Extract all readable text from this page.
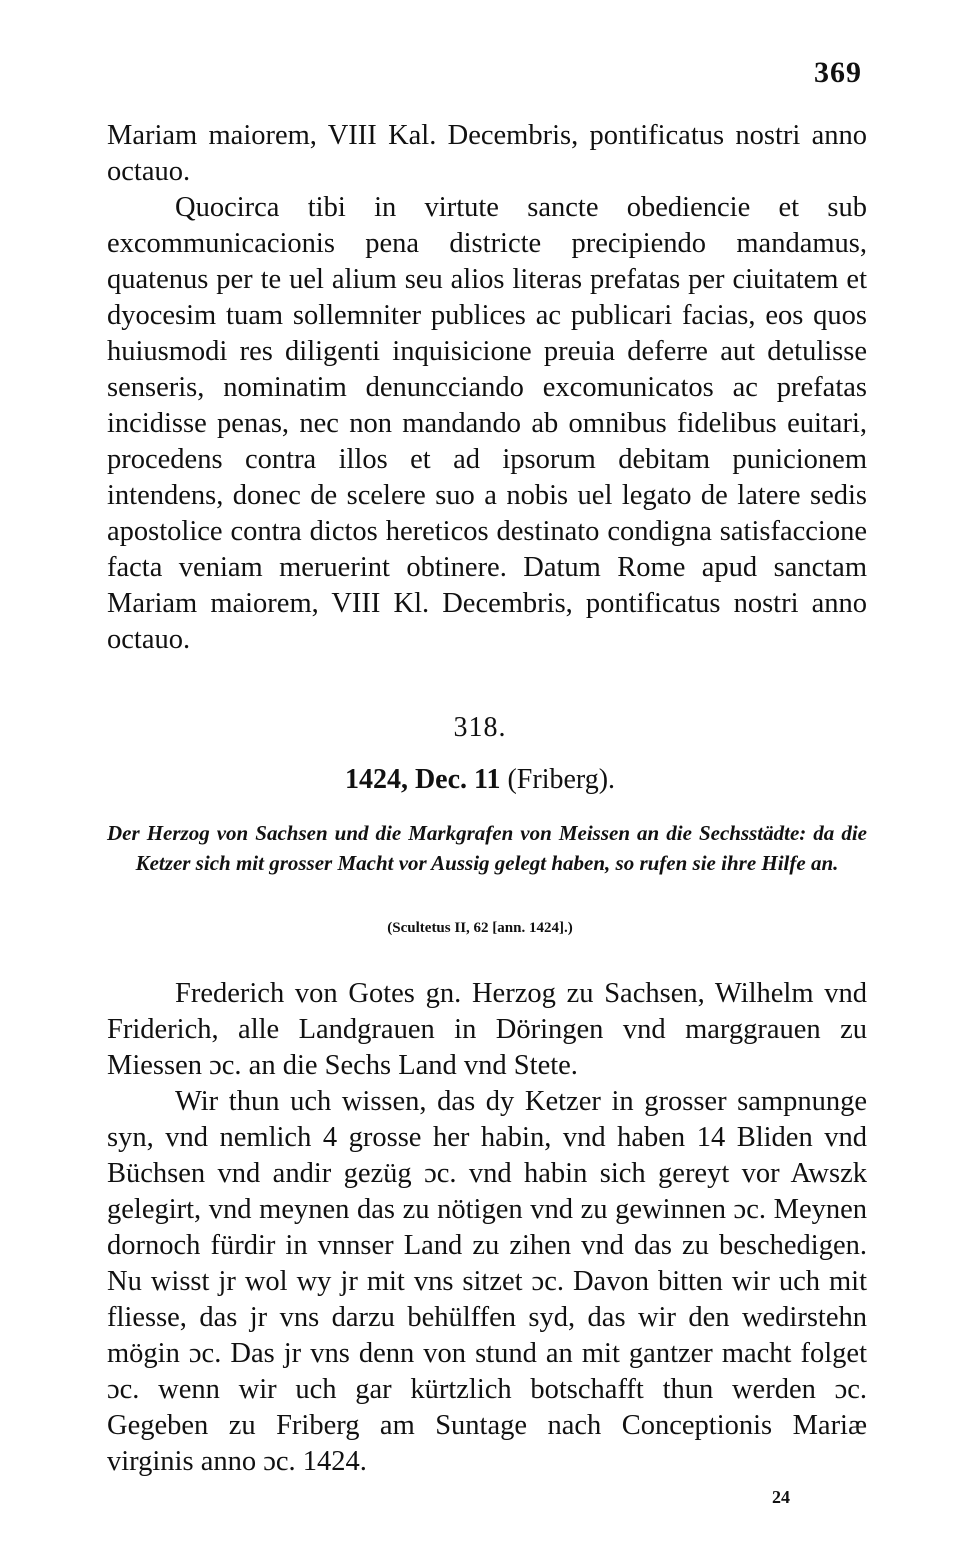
369

Mariam maiorem, VIII Kal. Decembris, pontificatus nostri anno octauo.

Quocirca tibi in virtute sancte obediencie et sub excommunicacionis pena districte precipiendo mandamus, quatenus per te uel alium seu alios literas prefatas per ciuitatem et dyocesim tuam sollemniter publices ac publicari facias, eos quos huiusmodi res diligenti inquisicione preuia deferre aut detulisse senseris, nominatim denuncciando excomunicatos ac prefatas incidisse penas, nec non mandando ab omnibus fidelibus euitari, procedens contra illos et ad ipsorum debitam punicionem intendens, donec de scelere suo a nobis uel legato de latere sedis apostolice contra dictos hereticos destinato condigna satisfaccione facta veniam meruerint obtinere. Datum Rome apud sanctam Mariam maiorem, VIII Kl. Decembris, pontificatus nostri anno octauo.

318.
1424, Dec. 11 (Friberg).
Der Herzog von Sachsen und die Markgrafen von Meissen an die Sechsstädte: da die Ketzer sich mit grosser Macht vor Aussig gelegt haben, so rufen sie ihre Hilfe an.
(Scultetus II, 62 [ann. 1424].)

Frederich von Gotes gn. Herzog zu Sachsen, Wilhelm vnd Friderich, alle Landgrauen in Döringen vnd marggrauen zu Miessen ɔc. an die Sechs Land vnd Stete.

Wir thun uch wissen, das dy Ketzer in grosser sampnunge syn, vnd nemlich 4 grosse her habin, vnd haben 14 Bliden vnd Büchsen vnd andir gezüg ɔc. vnd habin sich gereyt vor Awszk gelegirt, vnd meynen das zu nötigen vnd zu gewinnen ɔc. Meynen dornoch fürdir in vnnser Land zu zihen vnd das zu beschedigen. Nu wisst jr wol wy jr mit vns sitzet ɔc. Davon bitten wir uch mit fliesse, das jr vns darzu behülffen syd, das wir den wedirstehn mögin ɔc. Das jr vns denn von stund an mit gantzer macht folget ɔc. wenn wir uch gar kürtzlich botschafft thun werden ɔc. Gegeben zu Friberg am Suntage nach Conceptionis Mariæ virginis anno ɔc. 1424.

24
